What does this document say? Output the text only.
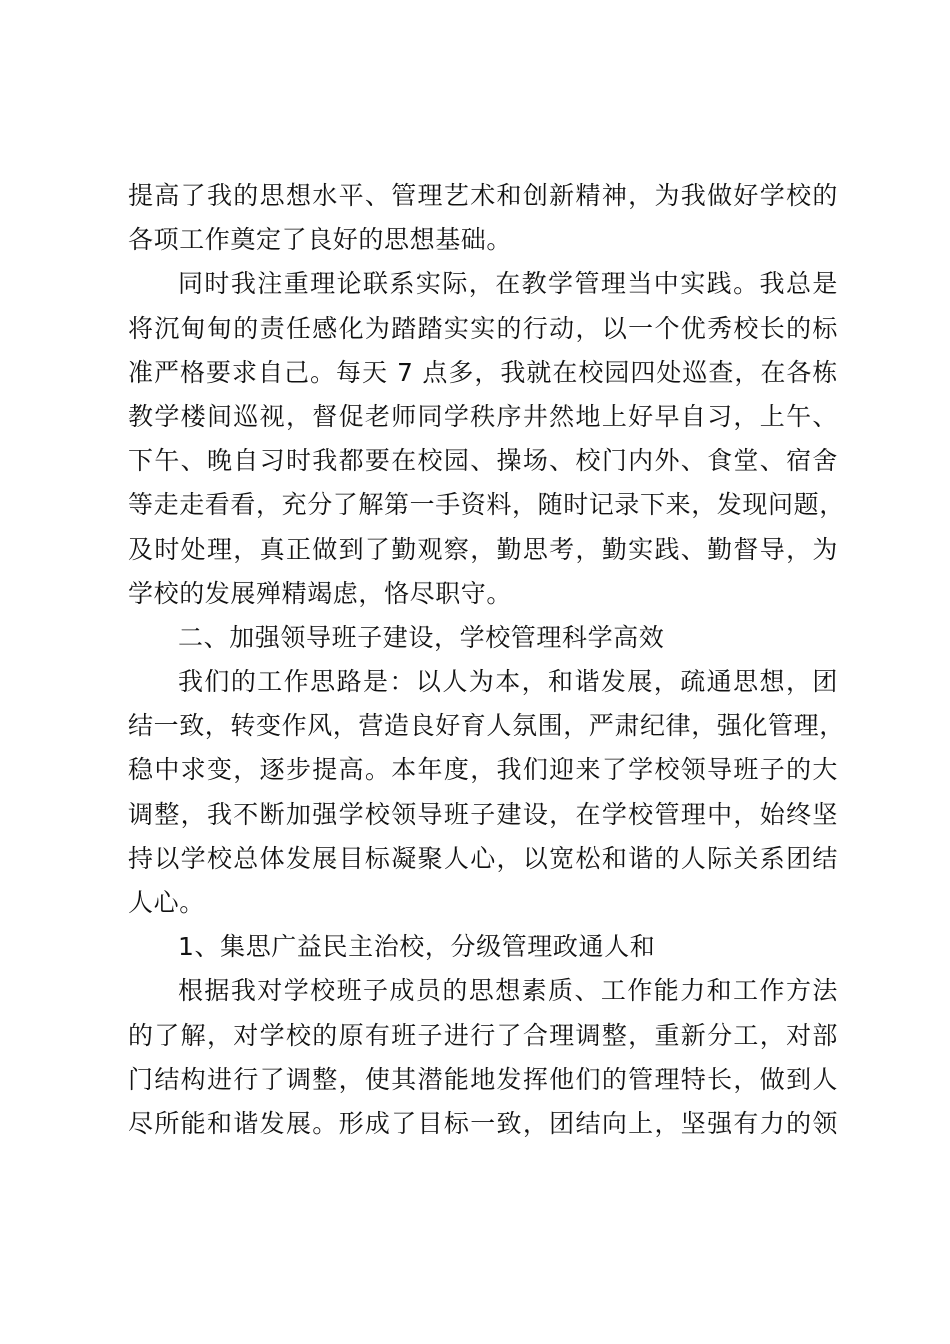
提高了我的思想水平、管理艺术和创新精神，为我做好学校的
各项工作奠定了良好的思想基础。
同时我注重理论联系实际，在教学管理当中实践。我总是
将沉甸甸的责任感化为踏踏实实的行动，以一个优秀校长的标
准严格要求自己。每天 7 点多，我就在校园四处巡查，在各栋
教学楼间巡视，督促老师同学秩序井然地上好早自习，上午、
下午、晚自习时我都要在校园、操场、校门内外、食堂、宿舍
等走走看看，充分了解第一手资料，随时记录下来，发现问题，
及时处理，真正做到了勤观察，勤思考，勤实践、勤督导，为
学校的发展殚精竭虑，恪尽职守。
二、加强领导班子建设，学校管理科学高效
我们的工作思路是：以人为本，和谐发展，疏通思想，团
结一致，转变作风，营造良好育人氛围，严肃纪律，强化管理，
稳中求变，逐步提高。本年度，我们迎来了学校领导班子的大
调整，我不断加强学校领导班子建设，在学校管理中，始终坚
持以学校总体发展目标凝聚人心，以宽松和谐的人际关系团结
人心。
1、集思广益民主治校，分级管理政通人和
根据我对学校班子成员的思想素质、工作能力和工作方法
的了解，对学校的原有班子进行了合理调整，重新分工，对部
门结构进行了调整，使其潜能地发挥他们的管理特长，做到人
尽所能和谐发展。形成了目标一致，团结向上，坚强有力的领
